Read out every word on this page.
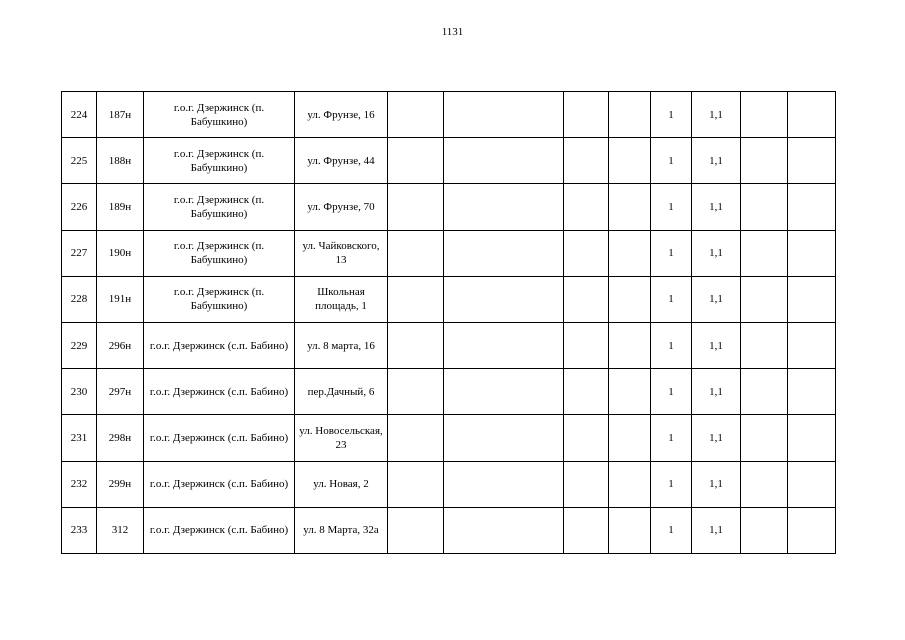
1131
224	187н	г.о.г. Дзержинск (п. Бабушкино)	ул. Фрунзе, 16					1	1,1		
225	188н	г.о.г. Дзержинск (п. Бабушкино)	ул. Фрунзе, 44					1	1,1		
226	189н	г.о.г. Дзержинск (п. Бабушкино)	ул. Фрунзе, 70					1	1,1		
227	190н	г.о.г. Дзержинск (п. Бабушкино)	ул. Чайковского, 13					1	1,1		
228	191н	г.о.г. Дзержинск (п. Бабушкино)	Школьная площадь, 1					1	1,1		
229	296н	г.о.г. Дзержинск (с.п. Бабино)	ул. 8 марта, 16					1	1,1		
230	297н	г.о.г. Дзержинск (с.п. Бабино)	пер.Дачный, 6					1	1,1		
231	298н	г.о.г. Дзержинск (с.п. Бабино)	ул. Новосельская, 23					1	1,1		
232	299н	г.о.г. Дзержинск (с.п. Бабино)	ул. Новая, 2					1	1,1		
233	312	г.о.г. Дзержинск (с.п. Бабино)	ул. 8 Марта, 32а					1	1,1		
